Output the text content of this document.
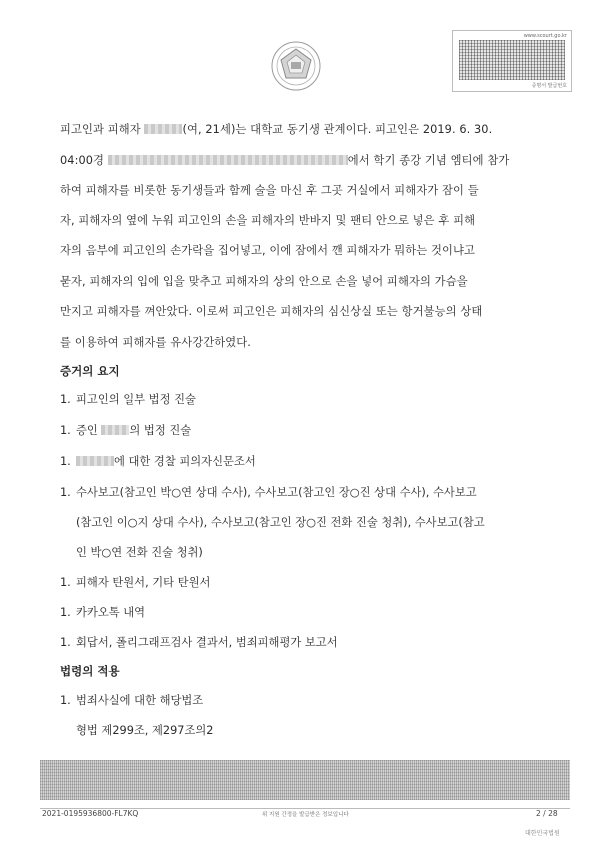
www.scourt.go.kr
증명서 발급번호
피고인과 피해자	(여, 21세)는 대학교 동기생 관계이다. 피고인은 2019. 6. 30.
04:00경	에서 학기 종강 기념 엠티에 참가
하여 피해자를 비롯한 동기생들과 함께 술을 마신 후 그곳 거실에서 피해자가 잠이 들
자, 피해자의 옆에 누워 피고인의 손을 피해자의 반바지 및 팬티 안으로 넣은 후 피해
자의 음부에 피고인의 손가락을 집어넣고, 이에 잠에서 깬 피해자가 뭐하는 것이냐고
묻자, 피해자의 입에 입을 맞추고 피해자의 상의 안으로 손을 넣어 피해자의 가슴을
만지고 피해자를 껴안았다. 이로써 피고인은 피해자의 심신상실 또는 항거불능의 상태
를 이용하여 피해자를 유사강간하였다.
증거의 요지
1. 피고인의 일부 법정 진술
1. 증인 의 법정 진술
1.	에 대한 경찰 피의자신문조서
1. 수사보고(참고인 박○연 상대 수사), 수사보고(참고인 장○진 상대 수사), 수사보고
(참고인 이○지 상대 수사), 수사보고(참고인 장○진 전화 진술 청취), 수사보고(참고
인 박○연 전화 진술 청취)
1. 피해자 탄원서, 기타 탄원서
1. 카카오톡 내역
1. 회답서, 폴리그래프검사 결과서, 범죄피해평가 보고서
법령의 적용
1. 범죄사실에 대한 해당법조
형법 제299조, 제297조의2
2021-0195936800-FL7KQ	위 지원 간정을 발급받은 정보입니다	2 / 28
대한민국법원
